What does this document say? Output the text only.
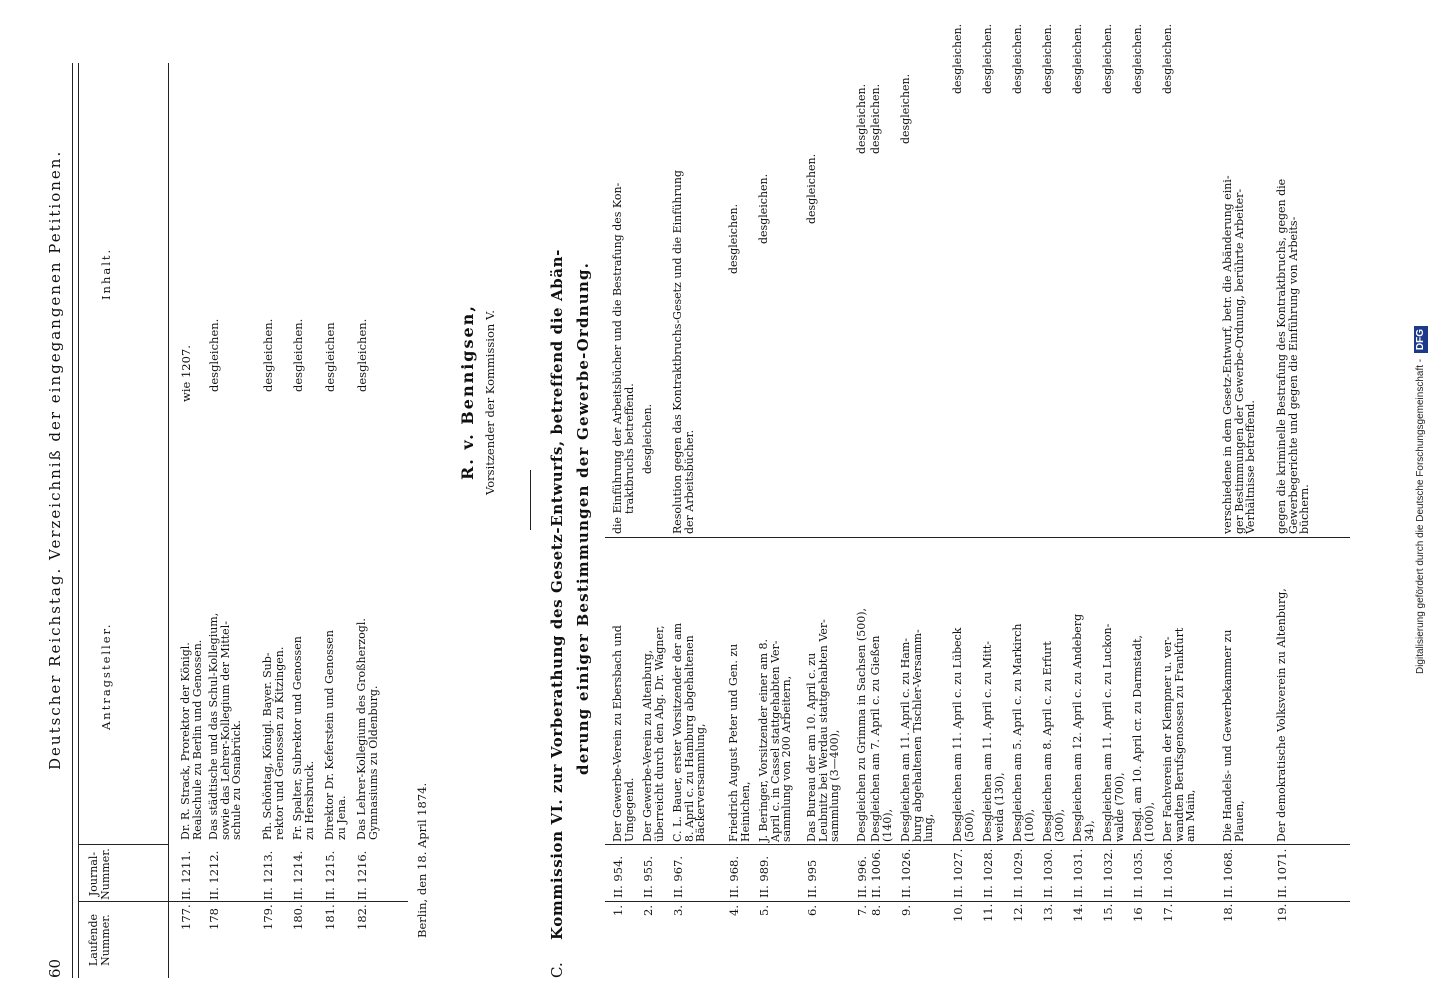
60
Deutscher Reichstag. Verzeichniß der eingegangenen Petitionen.
Laufende Nummer.
Journal-Nummer.
Antragsteller.
Inhalt.
177.
II. 1211.
Dr. R. Strack, Prorektor der Königl.
Realschule zu Berlin und Genossen.
wie 1207.
178
II. 1212.
Das städtische und das Schul-Kollegium,
sowie das Lehrer-Kollegium der Mittel-
schule zu Osnabrück.
desgleichen.
179.
II. 1213.
Ph. Schöntag, Königl. Bayer. Sub-
rektor und Genossen zu Kitzingen.
desgleichen.
180.
II. 1214.
Fr. Spalter, Subrektor und Genossen
zu Hersbruck.
desgleichen.
181.
II. 1215.
Direktor Dr. Keferstein und Genossen
zu Jena.
desgleichen
182.
II. 1216.
Das Lehrer-Kollegium des Großherzogl.
Gymnasiums zu Oldenburg.
desgleichen.
Berlin, den 18. April 1874.
R. v. Bennigsen, Vorsitzender der Kommission V.
C.
Kommission VI. zur Vorberathung des Gesetz-Entwurfs, betreffend die Abän- derung einiger Bestimmungen der Gewerbe-Ordnung.
1.
II. 954.
Der Gewerbe-Verein zu Ebersbach und
Umgegend.
die Einführung der Arbeitsbücher und die Bestrafung des Kon-
traktbruchs betreffend.
2.
II. 955.
Der Gewerbe-Verein zu Altenburg,
überreicht durch den Abg. Dr. Wagner,
desgleichen.
3.
II. 967.
C. L. Bauer, erster Vorsitzender der am
8. April c. zu Hamburg abgehaltenen
Bäckerversammlung,
Resolution gegen das Kontraktbruchs-Gesetz und die Einführung
der Arbeitsbücher.
4.
II. 968.
Friedrich August Peter und Gen. zu
Heinichen,
desgleichen.
5.
II. 989.
J. Beringer, Vorsitzender einer am 8.
April c. in Cassel stattgehabten Ver-
sammlung von 200 Arbeitern,
desgleichen.
6.
II. 995
Das Bureau der am 10. April c. zu
Leubnitz bei Werdau stattgehabten Ver-
sammlung (3—400),
desgleichen.
7.
II. 996.
Desgleichen zu Grimma in Sachsen (500),
desgleichen.
8.
II. 1006.
Desgleichen am 7. April c. zu Gießen
(140),
desgleichen.
9.
II. 1026.
Desgleichen am 11. April c. zu Ham-
burg abgehaltenen Tischler-Versamm-
lung,
desgleichen.
10.
II. 1027.
Desgleichen am 11. April c. zu Lübeck
(500),
desgleichen.
11.
II. 1028.
Desgleichen am 11. April c. zu Mitt-
weida (130),
desgleichen.
12.
II. 1029.
Desgleichen am 5. April c. zu Markirch
(100),
desgleichen.
13.
II. 1030.
Desgleichen am 8. April c. zu Erfurt
(300),
desgleichen.
14.
II. 1031.
Desgleichen am 12. April c. zu Andeberg
34),
desgleichen.
15.
II. 1032.
Desgleichen am 11. April c. zu Luckon-
walde (700),
desgleichen.
16
II. 1035.
Desgl. am 10. April cr. zu Darmstadt,
(1000),
desgleichen.
17.
II. 1036.
Der Fachverein der Klempner u. ver-
wandten Berufsgenossen zu Frankfurt
am Main,
desgleichen.
18.
II. 1068.
Die Handels- und Gewerbekammer zu
Plauen,
verschiedene in dem Gesetz-Entwurf, betr. die Abänderung eini-
ger Bestimmungen der Gewerbe-Ordnung, berührte Arbeiter-
Verhältnisse betreffend.
19.
II. 1071.
Der demokratische Volksverein zu Altenburg,
gegen die kriminelle Bestrafung des Kontraktbruchs, gegen die
Gewerbegerichte und gegen die Einführung von Arbeits-
büchern.	Digitalisierung gefördert durch die Deutsche Forschungsgemeinschaft - DFG
